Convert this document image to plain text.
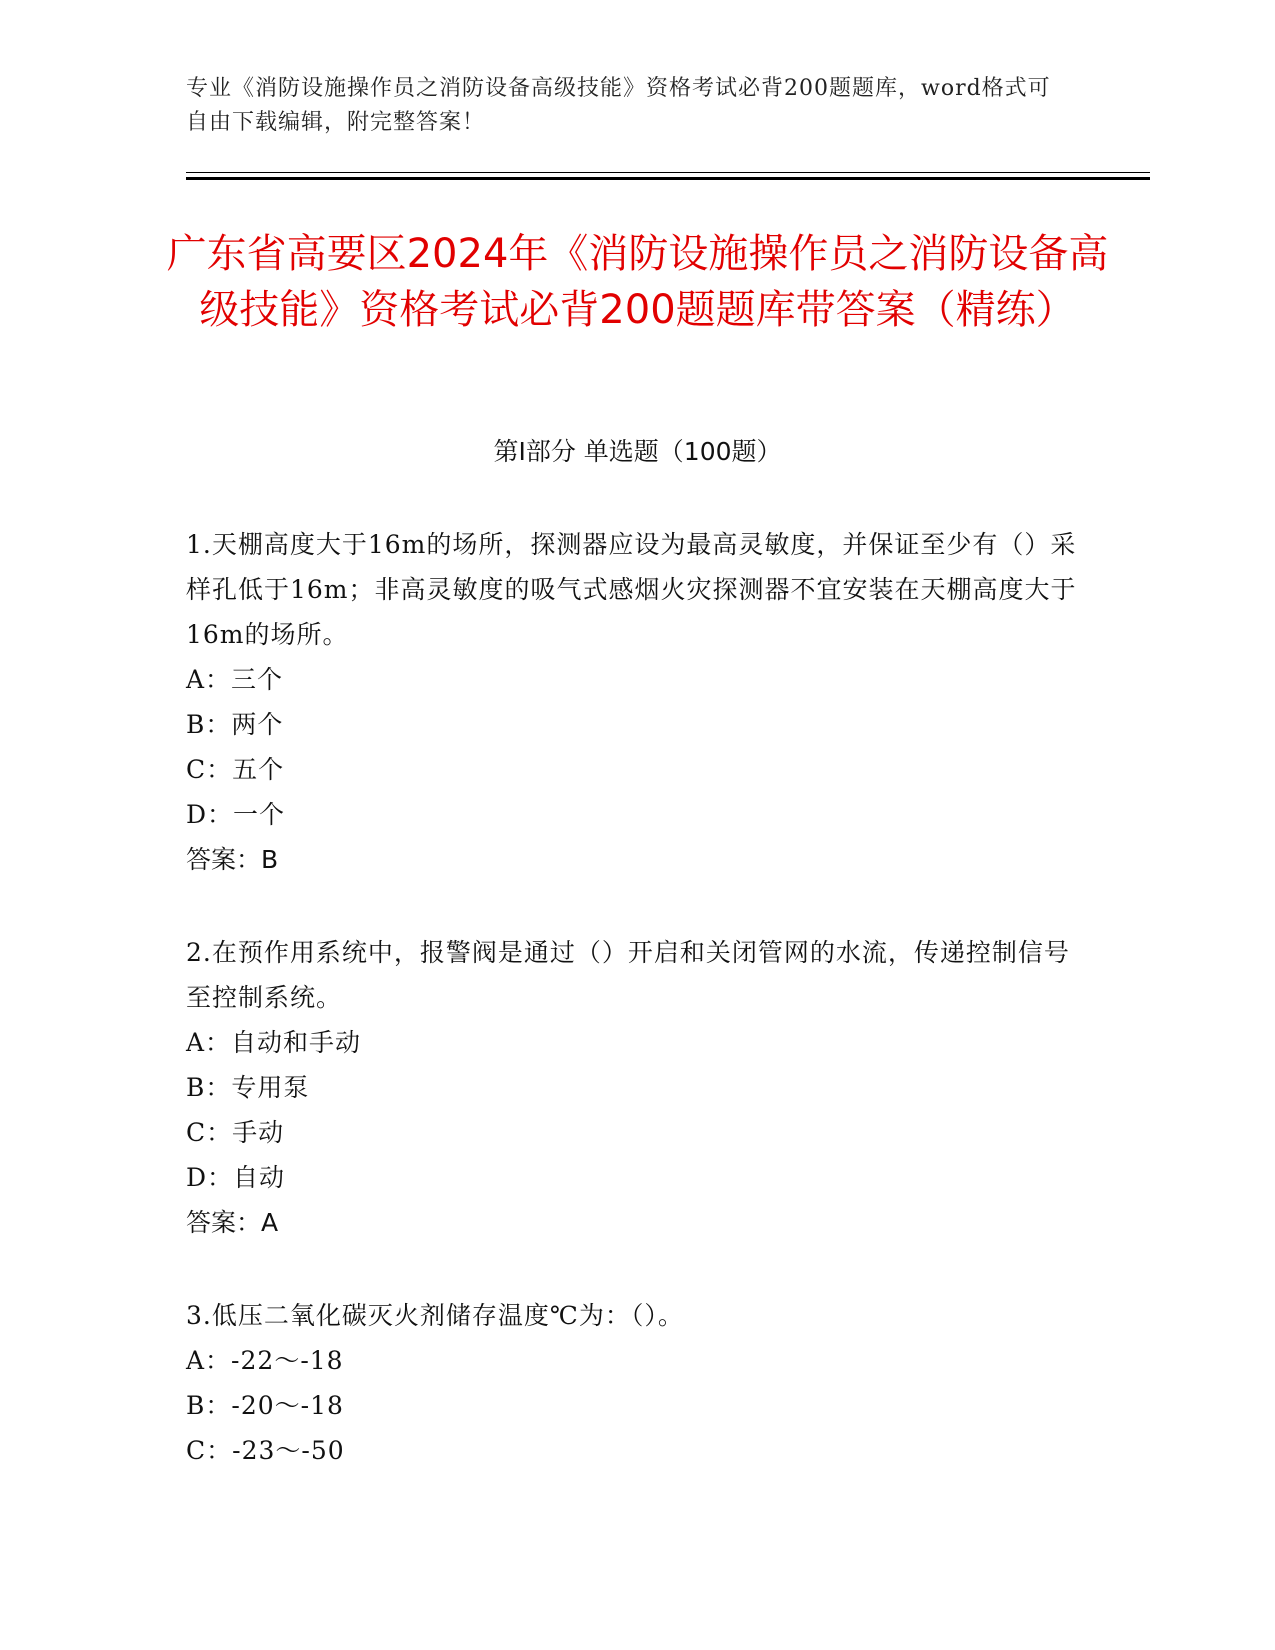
专业《消防设施操作员之消防设备高级技能》资格考试必背200题题库，word格式可自由下载编辑，附完整答案！
广东省高要区2024年《消防设施操作员之消防设备高级技能》资格考试必背200题题库带答案（精练）
第Ⅰ部分 单选题（100题）

1.天棚高度大于16m的场所，探测器应设为最高灵敏度，并保证至少有（）采样孔低于16m；非高灵敏度的吸气式感烟火灾探测器不宜安装在天棚高度大于16m的场所。

A：三个

B：两个

C：五个

D：一个

答案：B

2.在预作用系统中，报警阀是通过（）开启和关闭管网的水流，传递控制信号至控制系统。

A：自动和手动

B：专用泵

C：手动

D：自动

答案：A

3.低压二氧化碳灭火剂储存温度℃为：（）。

A：-22～-18

B：-20～-18

C：-23～-50
